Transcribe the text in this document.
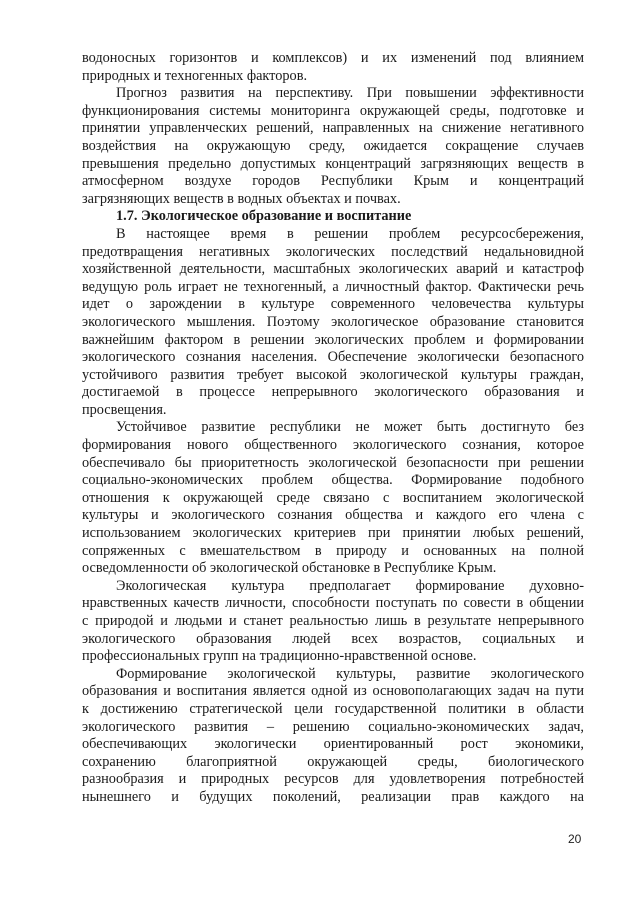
водоносных горизонтов и комплексов) и их изменений под влиянием

природных и техногенных факторов.

Прогноз развития на перспективу. При повышении эффективности

функционирования системы мониторинга окружающей среды, подготовке и

принятии управленческих решений, направленных на снижение негативного

воздействия на окружающую среду, ожидается сокращение случаев

превышения предельно допустимых концентраций загрязняющих веществ в

атмосферном воздухе городов Республики Крым и концентраций

загрязняющих веществ в водных объектах и почвах.

1.7. Экологическое образование и воспитание

В настоящее время в решении проблем ресурсосбережения,

предотвращения негативных экологических последствий недальновидной

хозяйственной деятельности, масштабных экологических аварий и катастроф

ведущую роль играет не техногенный, а личностный фактор. Фактически речь

идет о зарождении в культуре современного человечества культуры

экологического мышления. Поэтому экологическое образование становится

важнейшим фактором в решении экологических проблем и формировании

экологического сознания населения. Обеспечение экологически безопасного

устойчивого развития требует высокой экологической культуры граждан,

достигаемой в процессе непрерывного экологического образования и

просвещения.

Устойчивое развитие республики не может быть достигнуто без

формирования нового общественного экологического сознания, которое

обеспечивало бы приоритетность экологической безопасности при решении

социально-экономических проблем общества. Формирование подобного

отношения к окружающей среде связано с воспитанием экологической

культуры и экологического сознания общества и каждого его члена с

использованием экологических критериев при принятии любых решений,

сопряженных с вмешательством в природу и основанных на полной

осведомленности об экологической обстановке в Республике Крым.

Экологическая культура предполагает формирование духовно-

нравственных качеств личности, способности поступать по совести в общении

с природой и людьми и станет реальностью лишь в результате непрерывного

экологического образования людей всех возрастов, социальных и

профессиональных групп на традиционно-нравственной основе.

Формирование экологической культуры, развитие экологического

образования и воспитания является одной из основополагающих задач на пути

к достижению стратегической цели государственной политики в области

экологического развития – решению социально-экономических задач,

обеспечивающих экологически ориентированный рост экономики,

сохранению благоприятной окружающей среды, биологического

разнообразия и природных ресурсов для удовлетворения потребностей

нынешнего и будущих поколений, реализации прав каждого на

20
